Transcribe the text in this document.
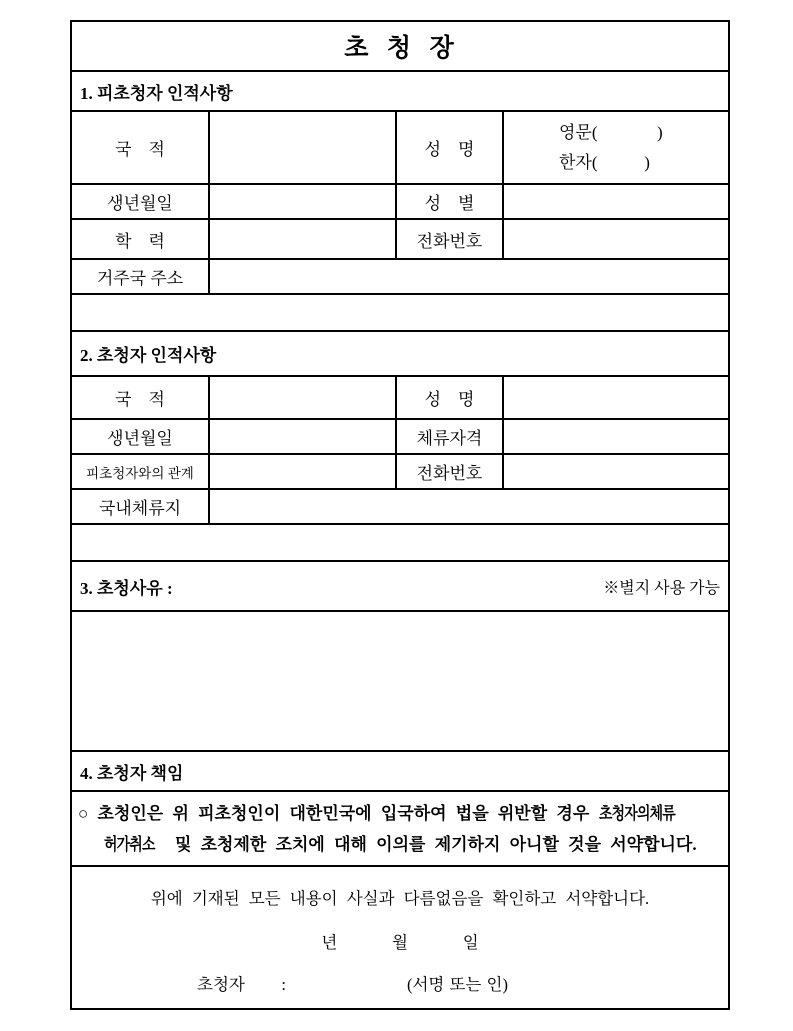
초  청  장
1. 피초청자 인적사항
국    적	성    명
영문(              )
한자(           )
생년월일	성    별
학    력	전화번호
거주국 주소
2. 초청자 인적사항
국    적	성    명
생년월일	체류자격
피초청자와의 관계	전화번호
국내체류지
3. 초청사유 :	※별지 사용 가능
4. 초청자 책임
○ 초청인은 위 피초청인이 대한민국에 입국하여 법을 위반할 경우 초청자의체류
허가취소 및 초청제한 조치에 대해 이의를 제기하지 아니할 것을 서약합니다.
위에 기재된 모든 내용이 사실과 다름없음을 확인하고 서약합니다.
년      월      일
초청자    :	(서명 또는 인)
